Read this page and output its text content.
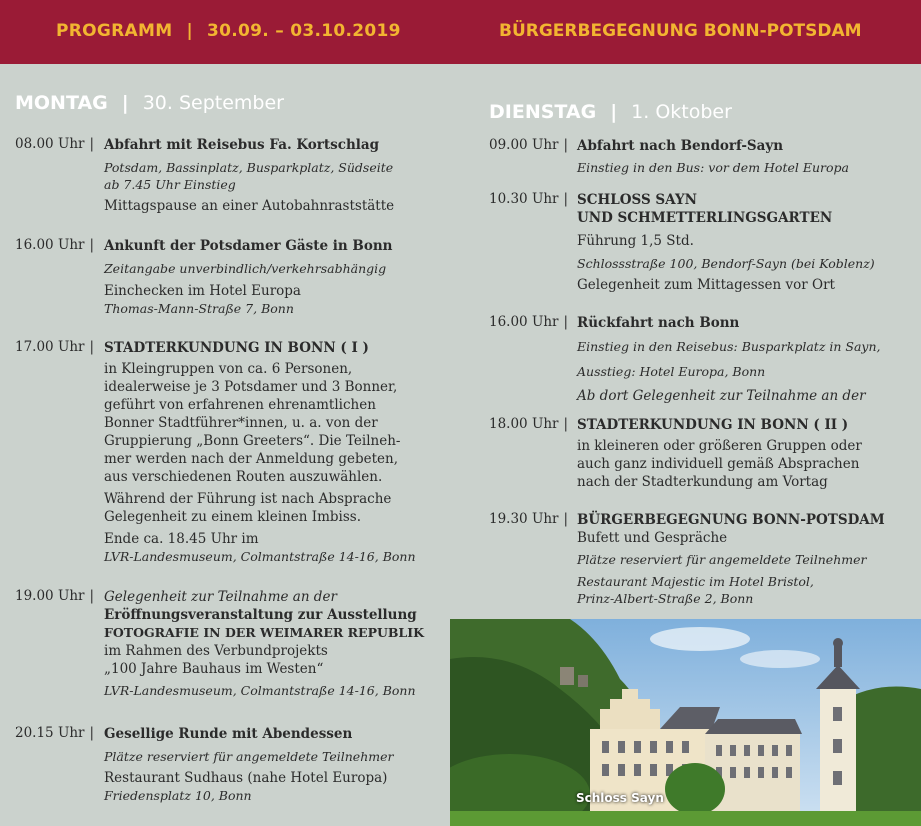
PROGRAMM | 30.09. – 03.10.2019	BÜRGERBEGEGNUNG BONN-POTSDAM
MONTAG | 30. September
08.00 Uhr | Abfahrt mit Reisebus Fa. Kortschlag
Potsdam, Bassinplatz, Busparkplatz, Südseite
ab 7.45 Uhr Einstieg
Mittagspause an einer Autobahnraststätte
16.00 Uhr | Ankunft der Potsdamer Gäste in Bonn
Zeitangabe unverbindlich/verkehrsabhängig
Einchecken im Hotel Europa
Thomas-Mann-Straße 7, Bonn
17.00 Uhr | STADTERKUNDUNG IN BONN ( I )
in Kleingruppen von ca. 6 Personen,
idealerweise je 3 Potsdamer und 3 Bonner,
geführt von erfahrenen ehrenamtlichen
Bonner Stadtführer*innen, u. a. von der
Gruppierung „Bonn Greeters“. Die Teilneh-
mer werden nach der Anmeldung gebeten,
aus verschiedenen Routen auszuwählen.
Während der Führung ist nach Absprache
Gelegenheit zu einem kleinen Imbiss.
Ende ca. 18.45 Uhr im
LVR-Landesmuseum, Colmantstraße 14-16, Bonn
19.00 Uhr | Gelegenheit zur Teilnahme an der
Eröffnungsveranstaltung zur Ausstellung
FOTOGRAFIE IN DER WEIMARER REPUBLIK
im Rahmen des Verbundprojekts
„100 Jahre Bauhaus im Westen“
LVR-Landesmuseum, Colmantstraße 14-16, Bonn
20.15 Uhr | Gesellige Runde mit Abendessen
Plätze reserviert für angemeldete Teilnehmer
Restaurant Sudhaus (nahe Hotel Europa)
Friedensplatz 10, Bonn
DIENSTAG | 1. Oktober
09.00 Uhr | Abfahrt nach Bendorf-Sayn
Einstieg in den Bus: vor dem Hotel Europa
10.30 Uhr | SCHLOSS SAYN
UND SCHMETTERLINGSGARTEN
Führung 1,5 Std.
Schlossstraße 100, Bendorf-Sayn (bei Koblenz)
Gelegenheit zum Mittagessen vor Ort
16.00 Uhr | Rückfahrt nach Bonn
Einstieg in den Reisebus: Busparkplatz in Sayn,
Ausstieg: Hotel Europa, Bonn
Ab dort Gelegenheit zur Teilnahme an der
18.00 Uhr | STADTERKUNDUNG IN BONN ( II )
in kleineren oder größeren Gruppen oder
auch ganz individuell gemäß Absprachen
nach der Stadterkundung am Vortag
19.30 Uhr | BÜRGERBEGEGNUNG BONN-POTSDAM
Bufett und Gespräche
Plätze reserviert für angemeldete Teilnehmer
Restaurant Majestic im Hotel Bristol,
Prinz-Albert-Straße 2, Bonn
Schloss Sayn
